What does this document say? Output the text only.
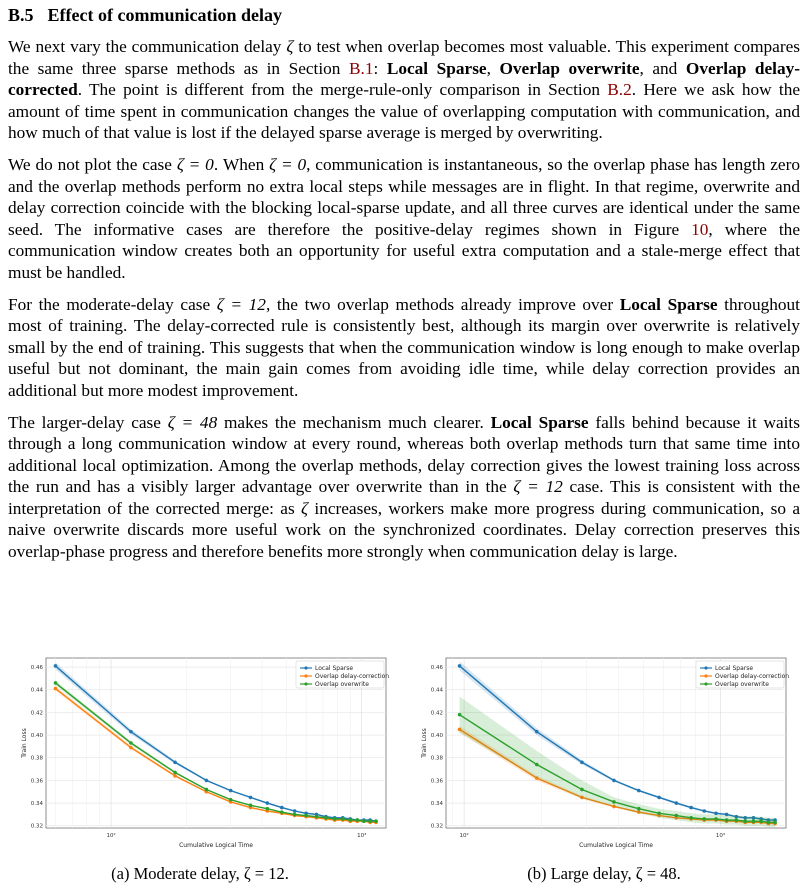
B.5 Effect of communication delay

We next vary the communication delay ζ to test when overlap becomes most valuable. This experiment compares the same three sparse methods as in Section B.1: Local Sparse, Overlap overwrite, and Overlap delay-corrected. The point is different from the merge-rule-only comparison in Section B.2. Here we ask how the amount of time spent in communication changes the value of overlapping computation with communication, and how much of that value is lost if the delayed sparse average is merged by overwriting.

We do not plot the case ζ = 0. When ζ = 0, communication is instantaneous, so the overlap phase has length zero and the overlap methods perform no extra local steps while messages are in flight. In that regime, overwrite and delay correction coincide with the blocking local-sparse update, and all three curves are identical under the same seed. The informative cases are therefore the positive-delay regimes shown in Figure 10, where the communication window creates both an opportunity for useful extra computation and a stale-merge effect that must be handled.

For the moderate-delay case ζ = 12, the two overlap methods already improve over Local Sparse throughout most of training. The delay-corrected rule is consistently best, although its margin over overwrite is relatively small by the end of training. This suggests that when the communication window is long enough to make overlap useful but not dominant, the main gain comes from avoiding idle time, while delay correction provides an additional but more modest improvement.

The larger-delay case ζ = 48 makes the mechanism much clearer. Local Sparse falls behind because it waits through a long communication window at every round, whereas both overlap methods turn that same time into additional local optimization. Among the overlap methods, delay correction gives the lowest training loss across the run and has a visibly larger advantage over overwrite than in the ζ = 12 case. This is consistent with the interpretation of the corrected merge: as ζ increases, workers make more progress during communication, so a naive overwrite discards more useful work on the synchronized coordinates. Delay correction preserves this overlap-phase progress and therefore benefits more strongly when communication delay is large.

0.32
0.34
0.36
0.38
0.40
0.42
0.44
0.46
10²	10³
Cumulative Logical Time
Train Loss
Local Sparse
Overlap delay-correction
Overlap overwrite
0.32
0.34
0.36
0.38
0.40
0.42
0.44
0.46
10²	10³
Cumulative Logical Time
Train Loss
Local Sparse
Overlap delay-correction
Overlap overwrite
(a) Moderate delay, ζ = 12.	(b) Large delay, ζ = 48.
